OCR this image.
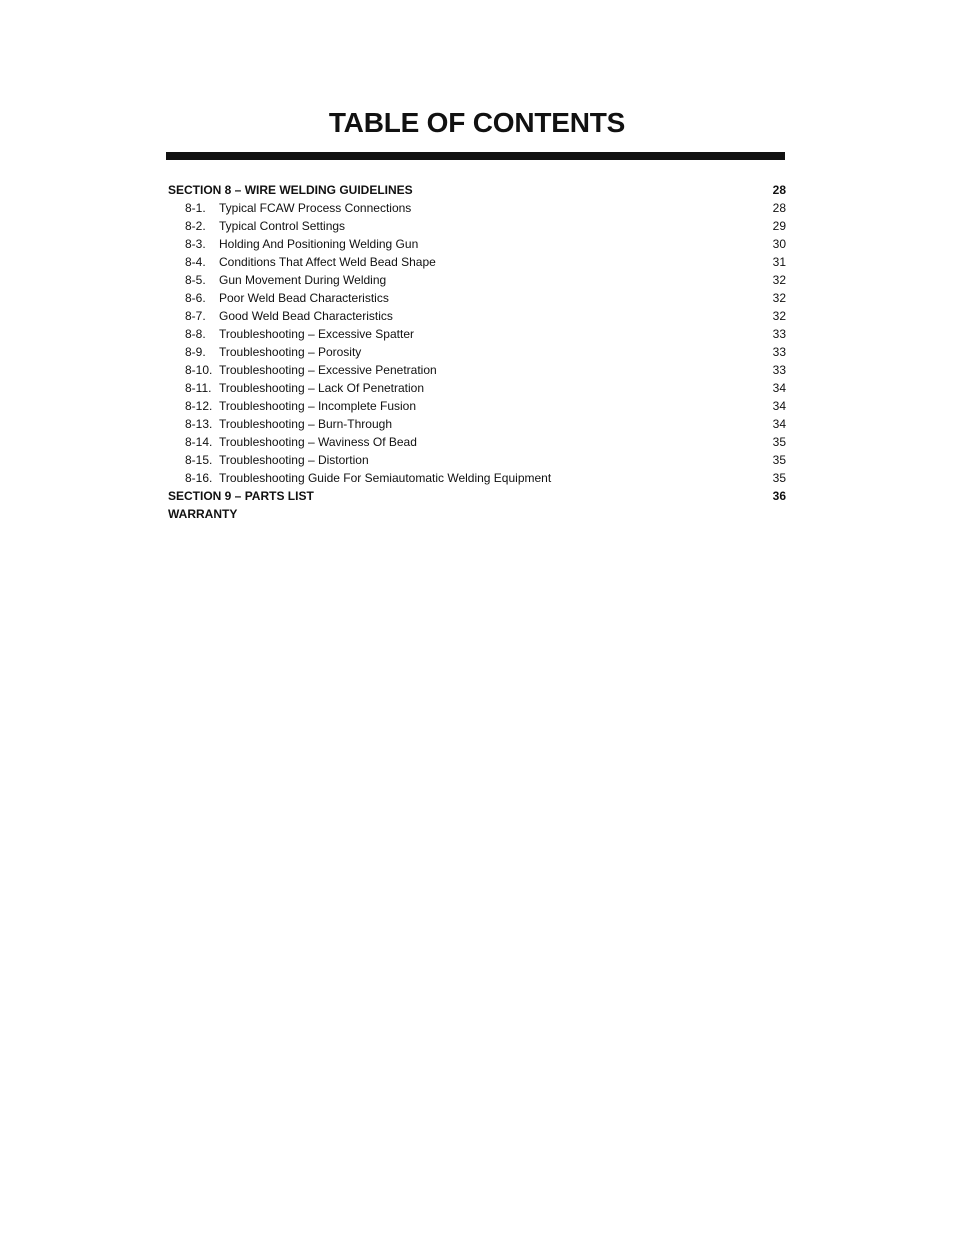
TABLE OF CONTENTS
SECTION 8 – WIRE WELDING GUIDELINES . . .	28
8-1. Typical FCAW Process Connections . . .	28
8-2. Typical Control Settings . . .	29
8-3. Holding And Positioning Welding Gun . . .	30
8-4. Conditions That Affect Weld Bead Shape . . .	31
8-5. Gun Movement During Welding . . .	32
8-6. Poor Weld Bead Characteristics . . .	32
8-7. Good Weld Bead Characteristics . . .	32
8-8. Troubleshooting – Excessive Spatter . . .	33
8-9. Troubleshooting – Porosity . . .	33
8-10. Troubleshooting – Excessive Penetration . . .	33
8-11. Troubleshooting – Lack Of Penetration . . .	34
8-12. Troubleshooting – Incomplete Fusion . . .	34
8-13. Troubleshooting – Burn-Through . . .	34
8-14. Troubleshooting – Waviness Of Bead . . .	35
8-15. Troubleshooting – Distortion . . .	35
8-16. Troubleshooting Guide For Semiautomatic Welding Equipment . . .	35
SECTION 9 – PARTS LIST . . .	36
WARRANTY
